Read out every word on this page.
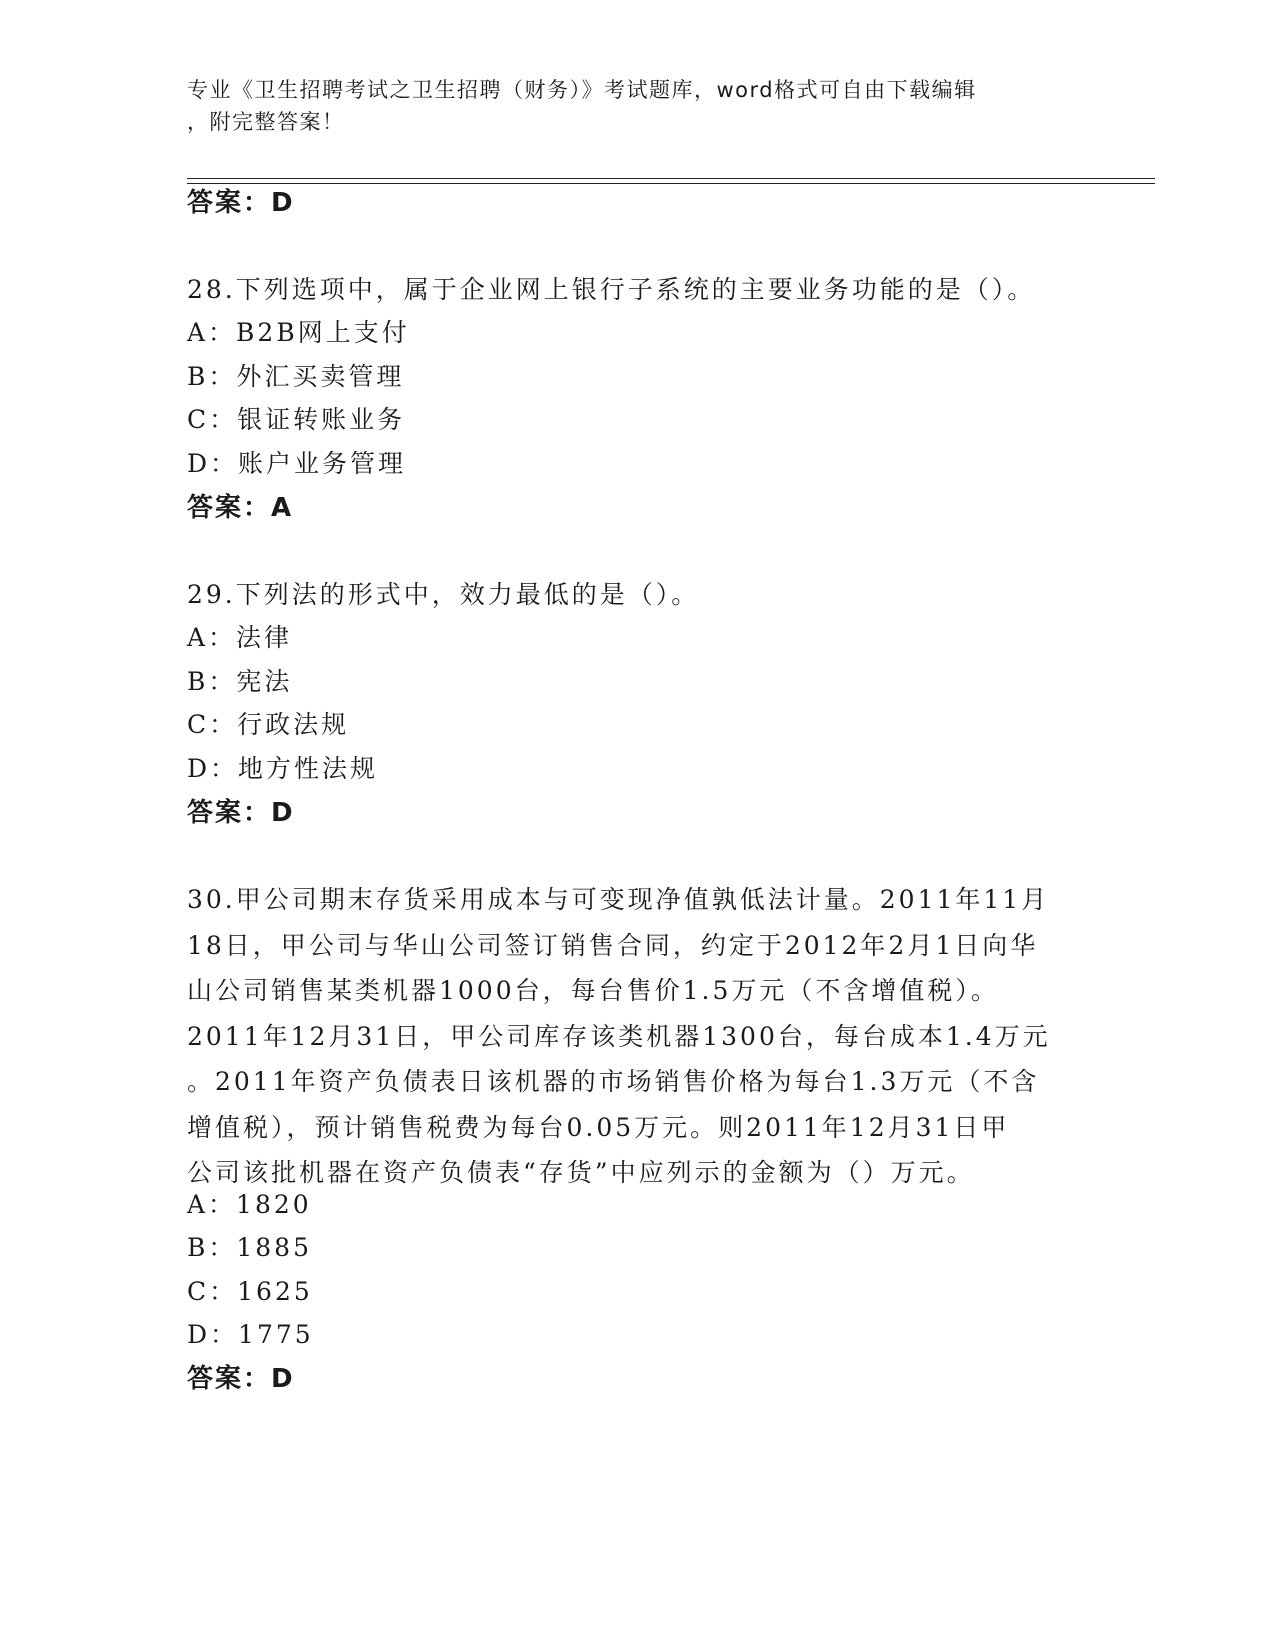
专业《卫生招聘考试之卫生招聘（财务）》考试题库，word格式可自由下载编辑
，附完整答案！
答案：D
28.下列选项中，属于企业网上银行子系统的主要业务功能的是（）。
A：B2B网上支付
B：外汇买卖管理
C：银证转账业务
D：账户业务管理
答案：A
29.下列法的形式中，效力最低的是（）。
A：法律
B：宪法
C：行政法规
D：地方性法规
答案：D
30.甲公司期末存货采用成本与可变现净值孰低法计量。2011年11月
18日，甲公司与华山公司签订销售合同，约定于2012年2月1日向华
山公司销售某类机器1000台，每台售价1.5万元（不含增值税）。
2011年12月31日，甲公司库存该类机器1300台，每台成本1.4万元
。2011年资产负债表日该机器的市场销售价格为每台1.3万元（不含
增值税），预计销售税费为每台0.05万元。则2011年12月31日甲
公司该批机器在资产负债表“存货”中应列示的金额为（）万元。
A：1820
B：1885
C：1625
D：1775
答案：D
